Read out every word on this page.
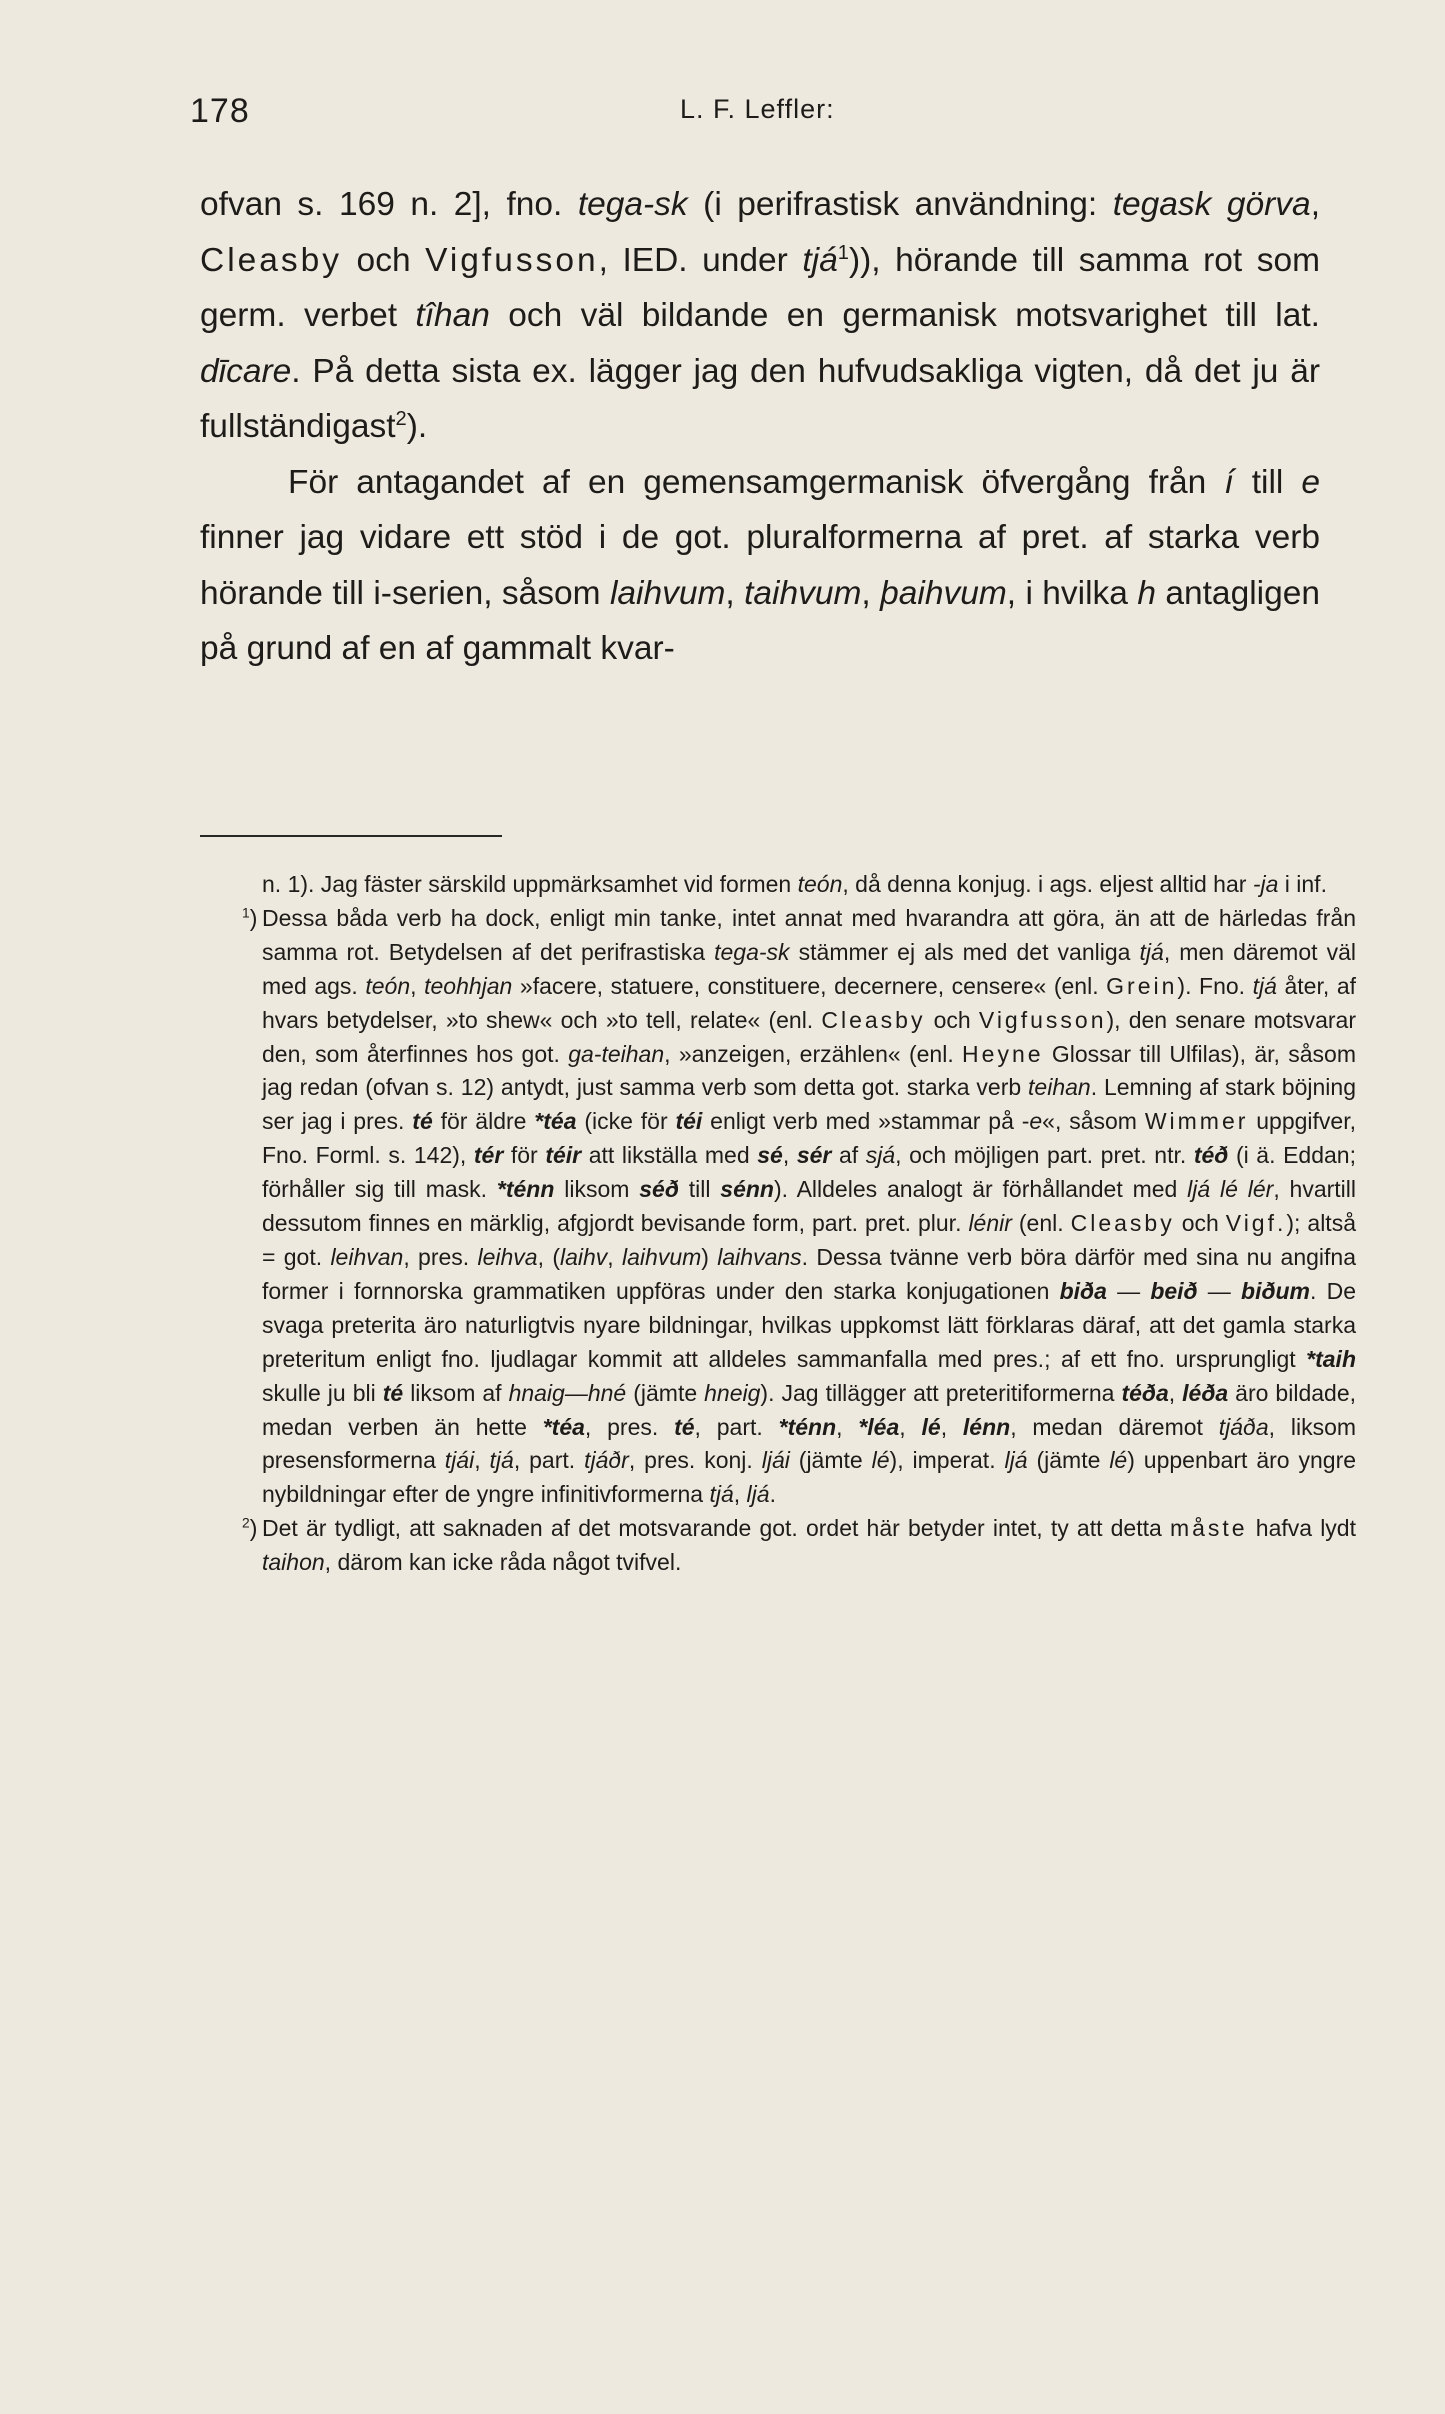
178	L. F. Leffler:

ofvan s. 169 n. 2], fno. tega-sk (i perifrastisk användning: tegask görva, Cleasby och Vigfusson, IED. under tjá$^1$)), hörande till samma rot som germ. verbet tîhan och väl bildande en germanisk motsvarighet till lat. dīcare. På detta sista ex. lägger jag den hufvudsakliga vigten, då det ju är fullständigast$^2$).

För antagandet af en gemensamgermanisk öfvergång från í till e finner jag vidare ett stöd i de got. pluralformerna af pret. af starka verb hörande till i-serien, såsom laihvum, taihvum, þaihvum, i hvilka h antagligen på grund af en af gammalt kvar-

n. 1). Jag fäster särskild uppmärksamhet vid formen teón, då denna konjug. i ags. eljest alltid har -ja i inf.

$^1$) Dessa båda verb ha dock, enligt min tanke, intet annat med hvarandra att göra, än att de härledas från samma rot. Betydelsen af det perifrastiska tega-sk stämmer ej als med det vanliga tjá, men däremot väl med ags. teón, teohhjan »facere, statuere, constituere, decernere, censere« (enl. Grein). Fno. tjá åter, af hvars betydelser, »to shew« och »to tell, relate« (enl. Cleasby och Vigfusson), den senare motsvarar den, som återfinnes hos got. ga-teihan, »anzeigen, erzählen« (enl. Heyne Glossar till Ulfilas), är, såsom jag redan (ofvan s. 12) antydt, just samma verb som detta got. starka verb teihan. Lemning af stark böjning ser jag i pres. té för äldre *téa (icke för téi enligt verb med »stammar på -e«, såsom Wimmer uppgifver, Fno. Forml. s. 142), tér för téir att likställa med sé, sér af sjá, och möjligen part. pret. ntr. téð (i ä. Eddan; förhåller sig till mask. *ténn liksom séð till sénn). Alldeles analogt är förhållandet med ljá lé lér, hvartill dessutom finnes en märklig, afgjordt bevisande form, part. pret. plur. lénir (enl. Cleasby och Vigf.); altså = got. leihvan, pres. leihva, (laihv, laihvum) laihvans. Dessa tvänne verb böra därför med sina nu angifna former i fornnorska grammatiken uppföras under den starka konjugationen biða — beið — biðum. De svaga preterita äro naturligtvis nyare bildningar, hvilkas uppkomst lätt förklaras däraf, att det gamla starka preteritum enligt fno. ljudlagar kommit att alldeles sammanfalla med pres.; af ett fno. ursprungligt *taih skulle ju bli té liksom af hnaig—hné (jämte hneig). Jag tillägger att preteritiformerna téða, léða äro bildade, medan verben än hette *téa, pres. té, part. *ténn, *léa, lé, lénn, medan däremot tjáða, liksom presensformerna tjái, tjá, part. tjáðr, pres. konj. ljái (jämte lé), imperat. ljá (jämte lé) uppenbart äro yngre nybildningar efter de yngre infinitivformerna tjá, ljá.

$^2$) Det är tydligt, att saknaden af det motsvarande got. ordet här betyder intet, ty att detta måste hafva lydt taihon, därom kan icke råda något tvifvel.
